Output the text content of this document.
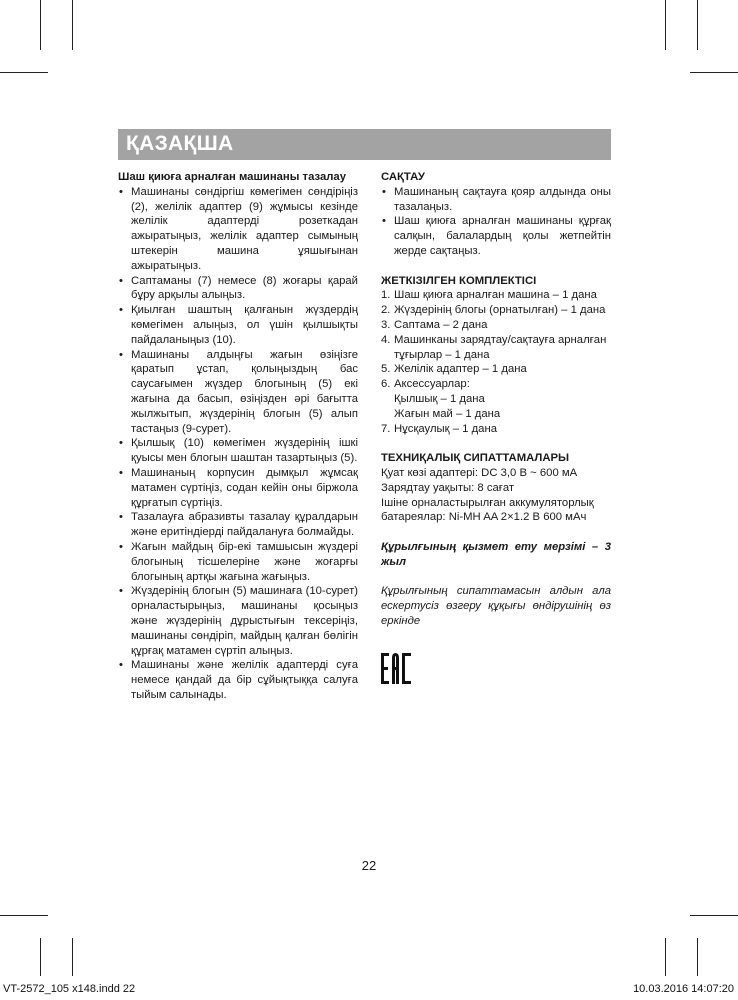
ҚАЗАҚША
Шаш қиюға арналған машинаны тазалау
• Машинаны сөндіргіш көмегімен сөндіріңіз (2), желілік адаптер (9) жұмысы кезінде желілік адаптерді розеткадан ажыратыңыз, желілік адаптер сымының штекерін машина ұяшығынан ажыратыңыз.
• Саптаманы (7) немесе (8) жоғары қарай бұру арқылы алыңыз.
• Қиылған шаштың қалғанын жүздердің көмегімен алыңыз, ол үшін қылшықты пайдаланыңыз (10).
• Машинаны алдыңғы жағын өзіңізге қаратып ұстап, қолыңыздың бас саусағымен жүздер блогының (5) екі жағына да басып, өзіңізден әрі бағытта жылжытып, жүздерінің блогын (5) алып тастаңыз (9-сурет).
• Қылшық (10) көмегімен жүздерінің ішкі қуысы мен блогын шаштан тазартыңыз (5).
• Машинаның корпусин дымқыл жұмсақ матамен сүртіңіз, содан кейін оны біржола құрғатып сүртіңіз.
• Тазалауға абразивты тазалау құралдарын және еритіндіерді пайдалануға болмайды.
• Жағын майдың бір-екі тамшысын жүздері блогының тісшелеріне және жоғарғы блогының артқы жағына жағыңыз.
• Жүздерінің блогын (5) машинаға (10-сурет) орналастырыңыз, машинаны қосыңыз және жүздерінің дұрыстығын тексеріңіз, машинаны сөндіріп, майдың қалған бөлігін құрғақ матамен сүртіп алыңыз.
• Машинаны және желілік адаптерді суға немесе қандай да бір сұйықтыққа салуға тыйым салынады.
САҚТАУ
• Машинаның сақтауға қояр алдында оны тазалаңыз.
• Шаш қиюға арналған машинаны құрғақ салқын, балалардың қолы жетпейтін жерде сақтаңыз.
ЖЕТКІЗІЛГЕН КОМПЛЕКТІСІ
1. Шаш қиюға арналған машина – 1 дана
2. Жүздерінің блогы (орнатылған) – 1 дана
3. Саптама – 2 дана
4. Машинканы зарядтау/сақтауға арналған тұғырлар – 1 дана
5. Желілік адаптер – 1 дана
6. Аксессуарлар:
Қылшық – 1 дана
Жағын май – 1 дана
7. Нұсқаулық – 1 дана
ТЕХНИҚАЛЫҚ СИПАТТАМАЛАРЫ
Қуат көзі адаптері: DC 3,0 В ~ 600 мА
Зарядтау уақыты: 8 сағат
Ішіне орналастырылған аккумуляторлық
батареялар: Ni-MH AA 2×1.2 В 600 мАч
Құрылғының қызмет ету мерзімі – 3 жыл
Құрылғының сипаттамасын алдын ала ескертусіз өзгеру құқығы өндірушінің өз еркінде
22
VT-2572_105 x148.indd 22	10.03.2016 14:07:20
